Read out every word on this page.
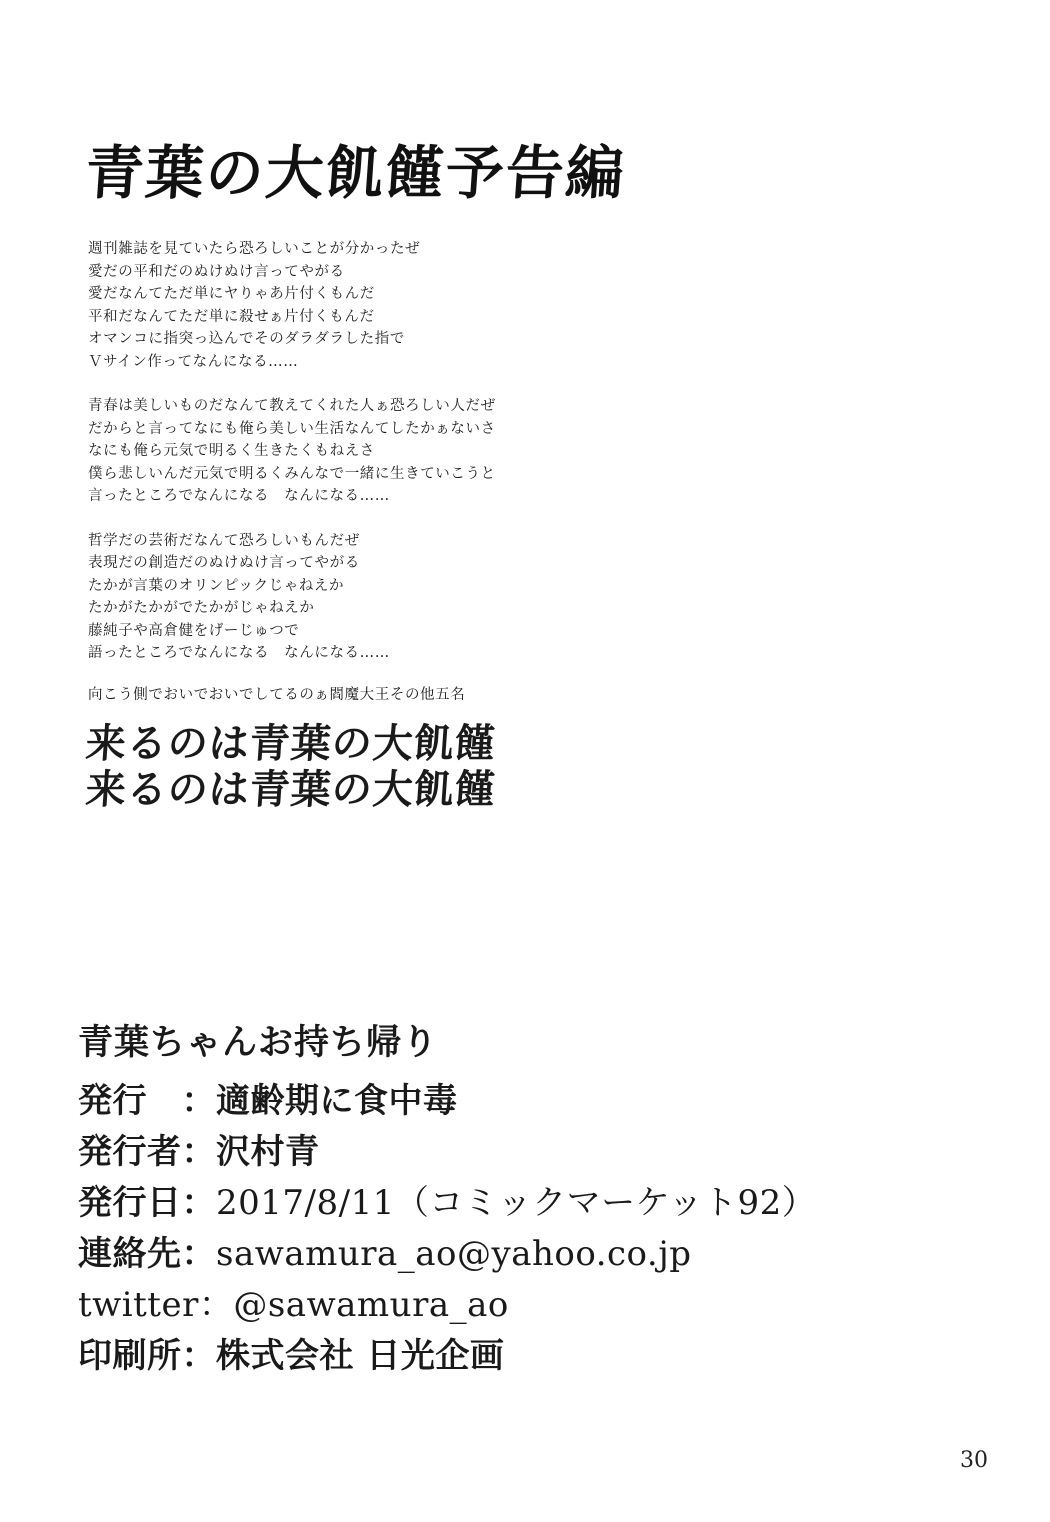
青葉の大飢饉予告編
週刊雑誌を見ていたら恐ろしいことが分かったぜ
愛だの平和だのぬけぬけ言ってやがる
愛だなんてただ単にヤりゃあ片付くもんだ
平和だなんてただ単に殺せぁ片付くもんだ
オマンコに指突っ込んでそのダラダラした指で
Ｖサイン作ってなんになる……
青春は美しいものだなんて教えてくれた人ぁ恐ろしい人だぜ
だからと言ってなにも俺ら美しい生活なんてしたかぁないさ
なにも俺ら元気で明るく生きたくもねえさ
僕ら悲しいんだ元気で明るくみんなで一緒に生きていこうと
言ったところでなんになる　なんになる……
哲学だの芸術だなんて恐ろしいもんだぜ
表現だの創造だのぬけぬけ言ってやがる
たかが言葉のオリンピックじゃねえか
たかがたかがでたかがじゃねえか
藤純子や高倉健をげーじゅつで
語ったところでなんになる　なんになる……
向こう側でおいでおいでしてるのぁ閻魔大王その他五名
来るのは青葉の大飢饉
来るのは青葉の大飢饉
青葉ちゃんお持ち帰り
発行　：適齢期に食中毒
発行者：沢村青
発行日：2017/8/11（コミックマーケット92）
連絡先：sawamura_ao@yahoo.co.jp
twitter：@sawamura_ao
印刷所：株式会社 日光企画
30
